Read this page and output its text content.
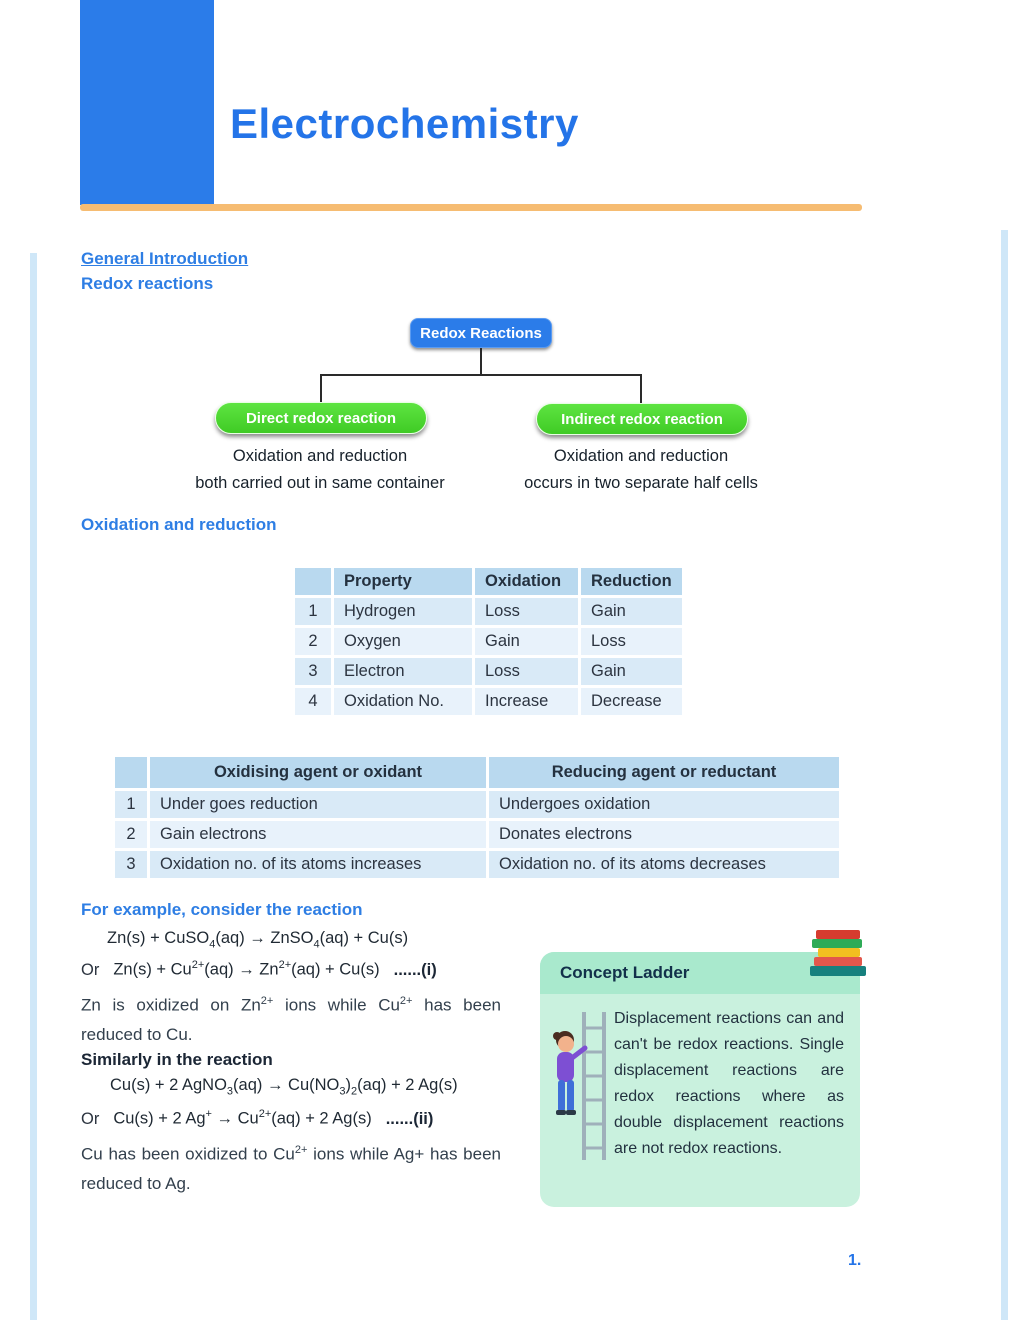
Electrochemistry
General Introduction
Redox reactions
Redox Reactions
Direct redox reaction	Indirect redox reaction
Oxidation and reduction
both carried out in same container
Oxidation and reduction
occurs in two separate half cells
Oxidation and reduction
	Property	Oxidation	Reduction
1	Hydrogen	Loss	Gain
2	Oxygen	Gain	Loss
3	Electron	Loss	Gain
4	Oxidation No.	Increase	Decrease
	Oxidising agent or oxidant	Reducing agent or reductant
1	Under goes reduction	Undergoes oxidation
2	Gain electrons	Donates electrons
3	Oxidation no. of its atoms increases	Oxidation no. of its atoms decreases
For example, consider the reaction
Zn(s) + CuSO$_4$(aq) → ZnSO$_4$(aq) + Cu(s)
Or $Zn(s) + Cu^{2+}(aq) \to Zn^{2+}(aq) + Cu(s)$ ......(i)
Zn is oxidized on $Zn^{2+}$ ions while $Cu^{2+}$ has been reduced to Cu.
Similarly in the reaction
Cu(s) + 2 AgNO$_3$(aq) → $Cu(NO_3)_2(aq) + 2$ Ag(s)
Or Cu(s) + 2 $Ag^+ \to Cu^{2+}(aq) + 2$ Ag(s) ......(ii)
Cu has been oxidized to $Cu^{2+}$ ions while Ag+ has been reduced to Ag.
Concept Ladder

Displacement reactions can and can't be redox reactions. Single displacement reactions are redox reactions where as double displacement reactions are not redox reactions.

1.
